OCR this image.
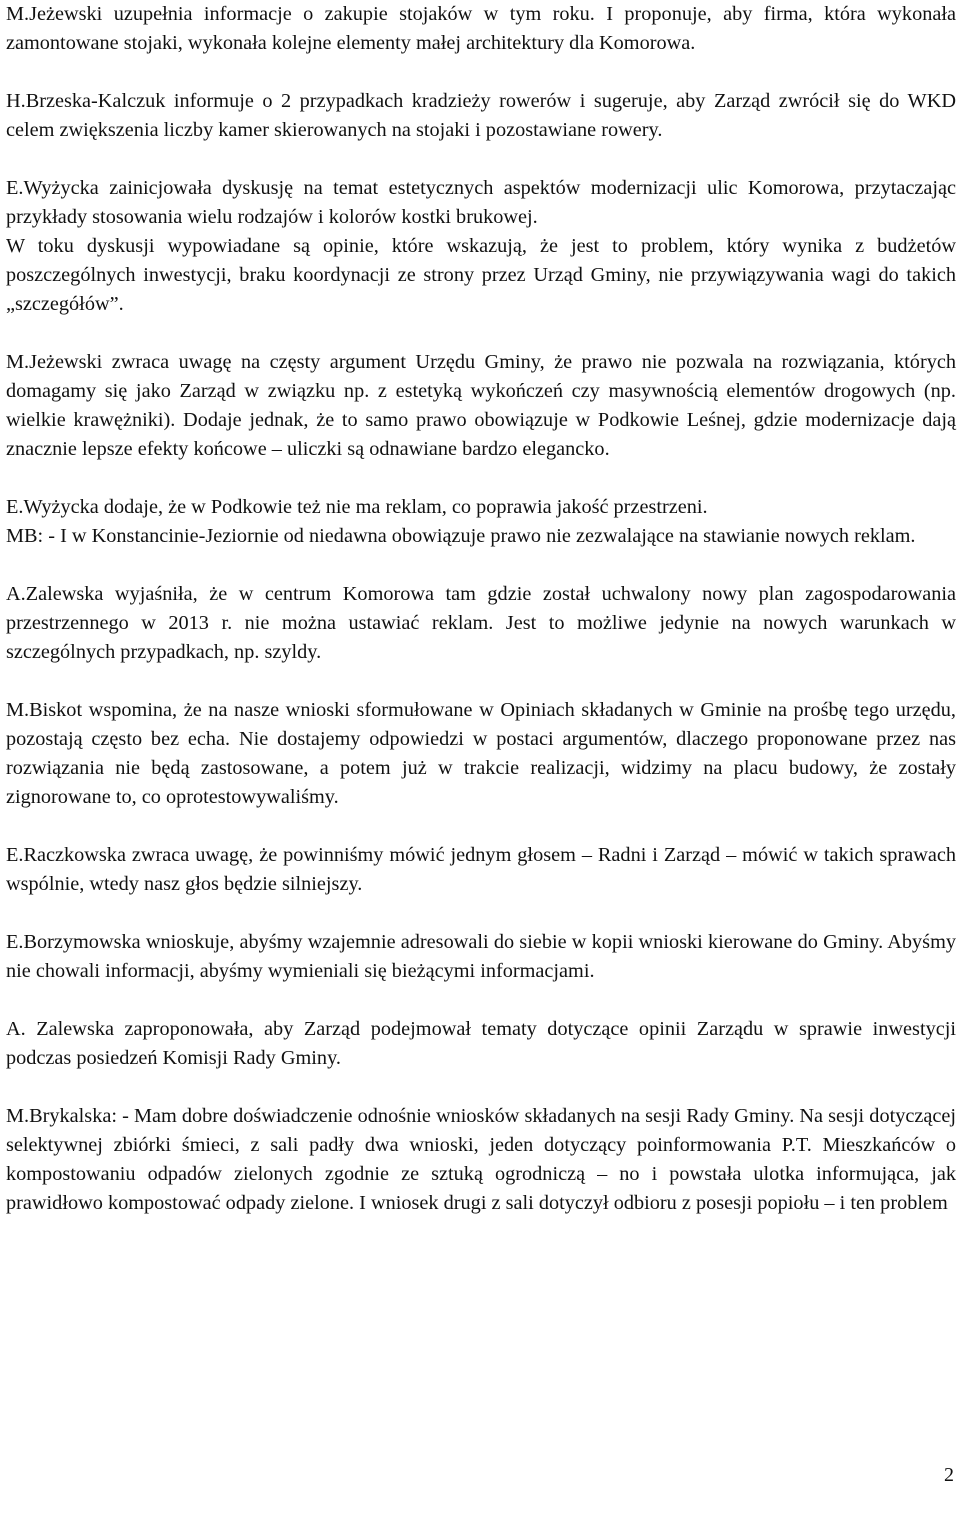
M.Jeżewski uzupełnia informacje o zakupie stojaków w tym roku. I proponuje, aby firma, która wykonała zamontowane stojaki, wykonała kolejne elementy małej architektury dla Komorowa.

H.Brzeska-Kalczuk informuje o 2 przypadkach kradzieży rowerów i sugeruje, aby Zarząd zwrócił się do WKD celem zwiększenia liczby kamer skierowanych na stojaki i pozostawiane rowery.

E.Wyżycka zainicjowała dyskusję na temat estetycznych aspektów modernizacji ulic Komorowa, przytaczając przykłady stosowania wielu rodzajów i kolorów kostki brukowej.

W toku dyskusji wypowiadane są opinie, które wskazują, że jest to problem, który wynika z budżetów poszczególnych inwestycji, braku koordynacji ze strony przez Urząd Gminy, nie przywiązywania wagi do takich „szczegółów”.

M.Jeżewski zwraca uwagę na częsty argument Urzędu Gminy, że prawo nie pozwala na rozwiązania, których domagamy się jako Zarząd w związku np. z estetyką wykończeń czy masywnością elementów drogowych (np. wielkie krawężniki). Dodaje jednak, że to samo prawo obowiązuje w Podkowie Leśnej, gdzie modernizacje dają znacznie lepsze efekty końcowe – uliczki są odnawiane bardzo elegancko.

E.Wyżycka dodaje, że w Podkowie też nie ma reklam, co poprawia jakość przestrzeni.

MB: - I w Konstancinie-Jeziornie od niedawna obowiązuje prawo nie zezwalające na stawianie nowych reklam.

A.Zalewska wyjaśniła, że w centrum Komorowa tam gdzie został uchwalony nowy plan zagospodarowania przestrzennego w 2013 r. nie można ustawiać reklam. Jest to możliwe jedynie na nowych warunkach w szczególnych przypadkach, np. szyldy.

M.Biskot wspomina, że na nasze wnioski sformułowane w Opiniach składanych w Gminie na prośbę tego urzędu, pozostają często bez echa. Nie dostajemy odpowiedzi w postaci argumentów, dlaczego proponowane przez nas rozwiązania nie będą zastosowane, a potem już w trakcie realizacji, widzimy na placu budowy, że zostały zignorowane to, co oprotestowywaliśmy.

E.Raczkowska zwraca uwagę, że powinniśmy mówić jednym głosem – Radni i Zarząd – mówić w takich sprawach wspólnie, wtedy nasz głos będzie silniejszy.

E.Borzymowska wnioskuje, abyśmy wzajemnie adresowali do siebie w kopii wnioski kierowane do Gminy. Abyśmy nie chowali informacji, abyśmy wymieniali się bieżącymi informacjami.

A. Zalewska zaproponowała, aby Zarząd podejmował tematy dotyczące opinii Zarządu w sprawie inwestycji podczas posiedzeń Komisji Rady Gminy.

M.Brykalska: - Mam dobre doświadczenie odnośnie wniosków składanych na sesji Rady Gminy. Na sesji dotyczącej selektywnej zbiórki śmieci, z sali padły dwa wnioski, jeden dotyczący poinformowania P.T. Mieszkańców o kompostowaniu odpadów zielonych zgodnie ze sztuką ogrodniczą – no i powstała ulotka informująca, jak prawidłowo kompostować odpady zielone. I wniosek drugi z sali dotyczył odbioru z posesji popiołu – i ten problem

2
